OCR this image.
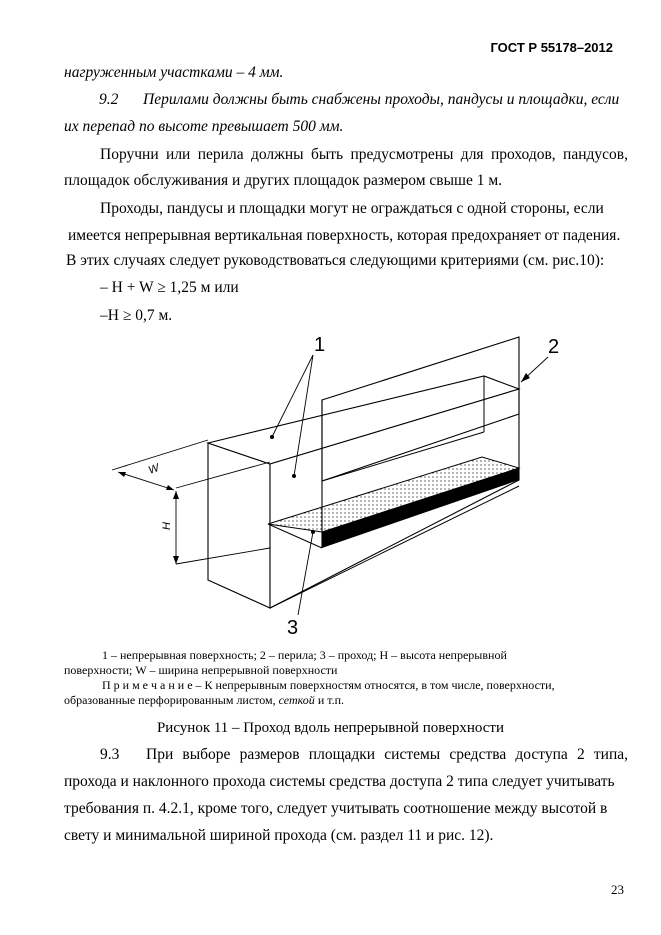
ГОСТ Р 55178–2012
нагруженным участками – 4 мм.
9.2 Перилами должны быть снабжены проходы, пандусы и площадки, если
их перепад по высоте превышает 500 мм.
Поручни или перила должны быть предусмотрены для проходов, пандусов,
площадок обслуживания и других площадок размером свыше 1 м.
Проходы, пандусы и площадки могут не ограждаться с одной стороны, если
имеется непрерывная вертикальная поверхность, которая предохраняет от падения.
В этих случаях следует руководствоваться следующими критериями (см. рис.10):
– H + W ≥ 1,25 м или
–H ≥ 0,7 м.
W
H
1	2
3
1 – непрерывная поверхность; 2 – перила; 3 – проход; H – высота непрерывной
поверхности; W – ширина непрерывной поверхности
П р и м е ч а н и е – К непрерывным поверхностям относятся, в том числе, поверхности,
образованные перфорированным листом, сеткой и т.п.
Рисунок 11 – Проход вдоль непрерывной поверхности
9.3 При выборе размеров площадки системы средства доступа 2 типа,
прохода и наклонного прохода системы средства доступа 2 типа следует учитывать
требования п. 4.2.1, кроме того, следует учитывать соотношение между высотой в
свету и минимальной шириной прохода (см. раздел 11 и рис. 12).
23
